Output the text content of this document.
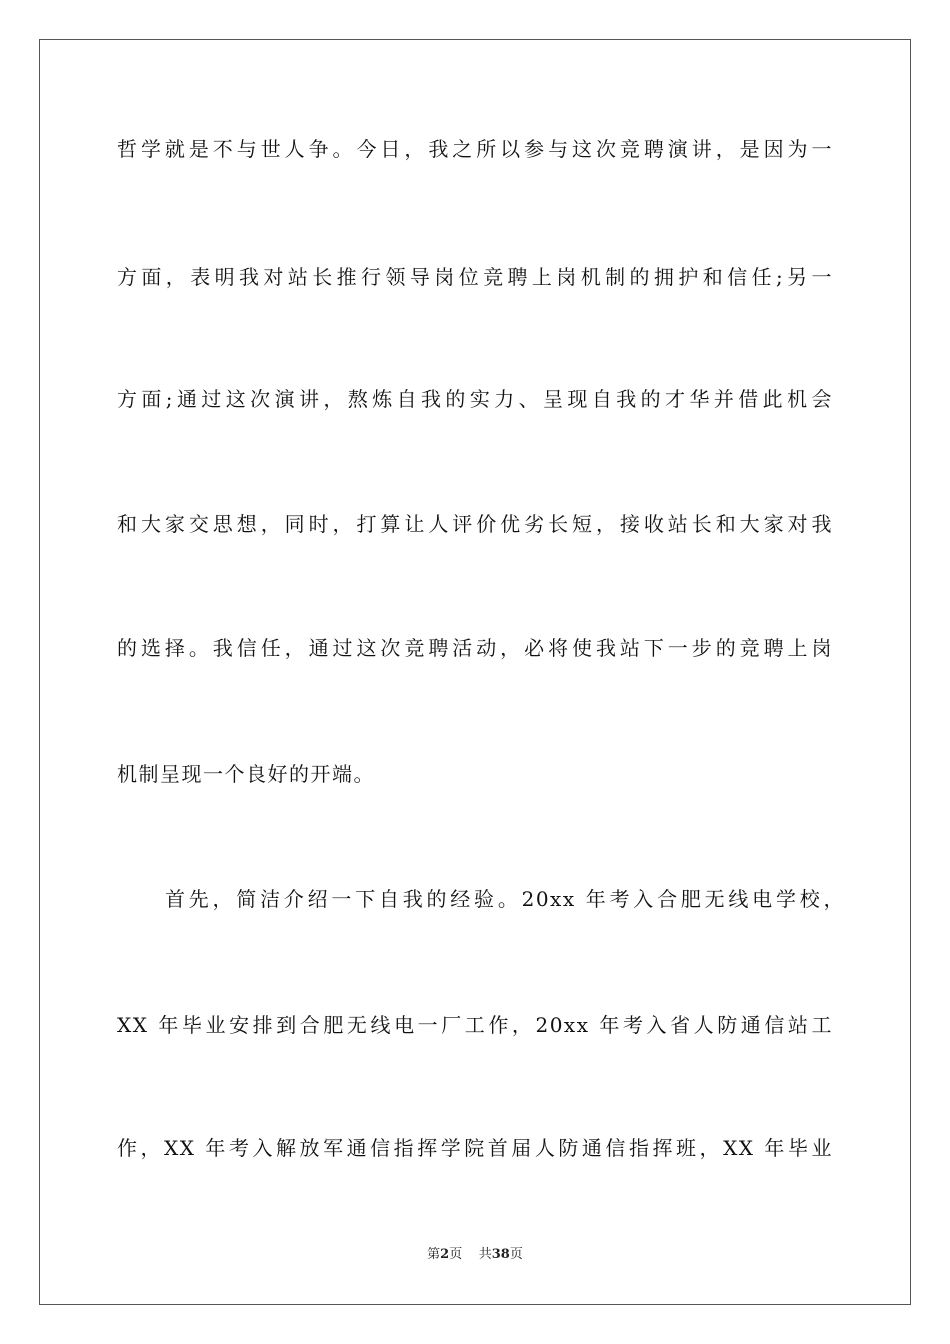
哲学就是不与世人争。今日，我之所以参与这次竞聘演讲，是因为一
方面，表明我对站长推行领导岗位竞聘上岗机制的拥护和信任;另一
方面;通过这次演讲，熬炼自我的实力、呈现自我的才华并借此机会
和大家交思想，同时，打算让人评价优劣长短，接收站长和大家对我
的选择。我信任，通过这次竞聘活动，必将使我站下一步的竞聘上岗
机制呈现一个良好的开端。
首先，简洁介绍一下自我的经验。20xx 年考入合肥无线电学校，
XX 年毕业安排到合肥无线电一厂工作，20xx 年考入省人防通信站工
作，XX 年考入解放军通信指挥学院首届人防通信指挥班，XX 年毕业
第2页 共38页
